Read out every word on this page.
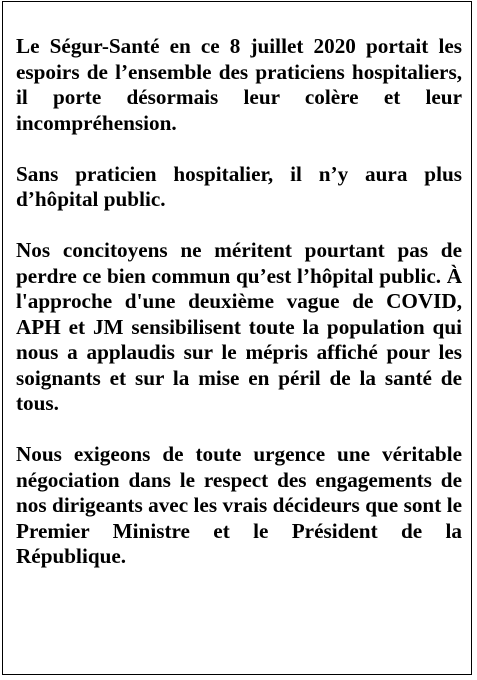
Le Ségur-Santé en ce 8 juillet 2020 portait les espoirs de l’ensemble des praticiens hospitaliers, il porte désormais leur colère et leur incompréhension.

Sans praticien hospitalier, il n’y aura plus d’hôpital public.

Nos concitoyens ne méritent pourtant pas de perdre ce bien commun qu’est l’hôpital public. À l'approche d'une deuxième vague de COVID, APH et JM sensibilisent toute la population qui nous a applaudis sur le mépris affiché pour les soignants et sur la mise en péril de la santé de tous.

Nous exigeons de toute urgence une véritable négociation dans le respect des engagements de nos dirigeants avec les vrais décideurs que sont le Premier Ministre et le Président de la République.
